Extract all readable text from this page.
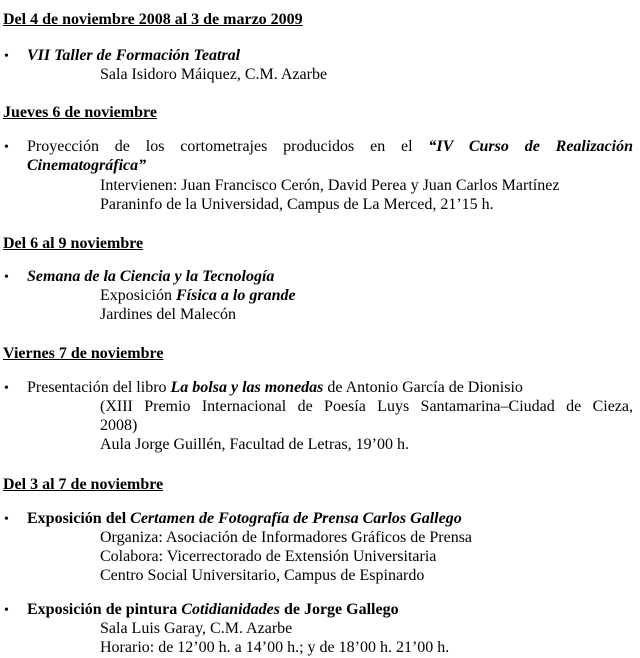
Del 4 de noviembre 2008 al 3 de marzo 2009
• VII Taller de Formación Teatral
Sala Isidoro Máiquez, C.M. Azarbe
Jueves 6 de noviembre
• Proyección de los cortometrajes producidos en el “IV Curso de Realización
Cinematográfica”
Intervienen: Juan Francisco Cerón, David Perea y Juan Carlos Martínez
Paraninfo de la Universidad, Campus de La Merced, 21’15 h.
Del 6 al 9 noviembre
• Semana de la Ciencia y la Tecnología
Exposición Física a lo grande
Jardines del Malecón
Viernes 7 de noviembre
• Presentación del libro La bolsa y las monedas de Antonio García de Dionisio
(XIII Premio Internacional de Poesía Luys Santamarina–Ciudad de Cieza,
2008)
Aula Jorge Guillén, Facultad de Letras, 19’00 h.
Del 3 al 7 de noviembre
• Exposición del Certamen de Fotografía de Prensa Carlos Gallego
Organiza: Asociación de Informadores Gráficos de Prensa
Colabora: Vicerrectorado de Extensión Universitaria
Centro Social Universitario, Campus de Espinardo
• Exposición de pintura Cotidianidades de Jorge Gallego
Sala Luis Garay, C.M. Azarbe
Horario: de 12’00 h. a 14’00 h.; y de 18’00 h. 21’00 h.
